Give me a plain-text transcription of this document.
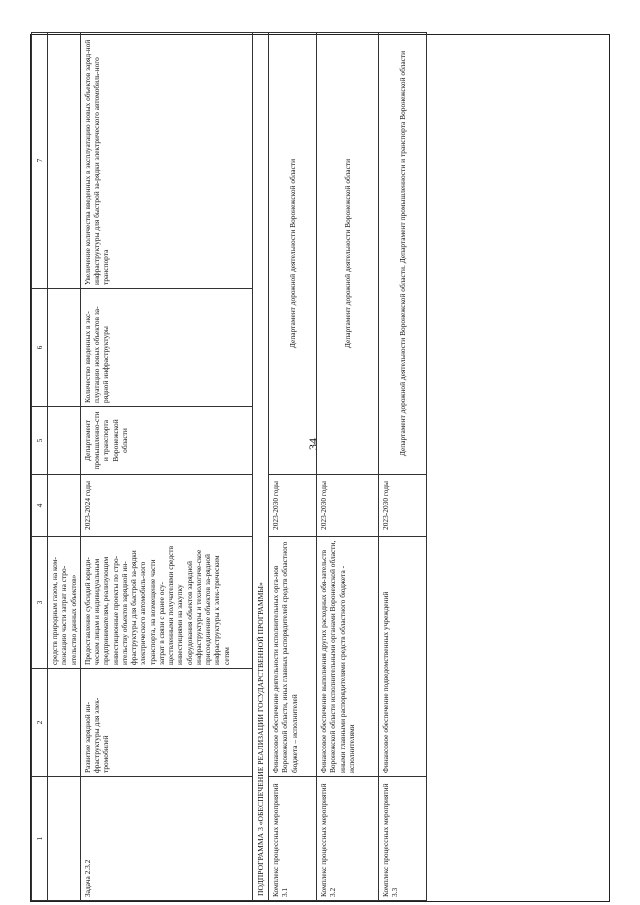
34
1	2	3	4	5	6	7
		средств природным газом, на ком-пенсацию части затрат на стро-ительство данных объектов»				
Задача 2.3.2	Развитие зарядной ин-фраструктуры для элек-тромобилей	Предоставление субсидий юриди-ческим лицам и индивидуальным предпринимателям, реализующим инвестиционные проекты по стро-ительству объектов зарядной ин-фраструктуры для быстрой за-рядки электрического автомобиль-ного транспорта, на возмещение части затрат в связи с ранее осу-ществленными получателями средств инвестициями на закупку оборудования объектов зарядной инфраструктуры и технологиче-ское присоединение объектов за-рядной инфраструктуры к элек-трическим сетям	2023-2024 годы	Департамент промышленно-сти и транспорта Воронежской области	Количество введенных в экс-плуатацию новых объектов за-рядной инфраструктуры	Увеличение количества введенных в эксплуатацию новых объектов заряд-ной инфраструктуры для быстрой за-рядки электрического автомобиль-ного транспорта
ПОДПРОГРАММА 3 «ОБЕСПЕЧЕНИЕ РЕАЛИЗАЦИИ ГОСУДАРСТВЕННОЙ ПРОГРАММЫ»						
Комплекс процессных мероприятий 3.1	Финансовое обеспечение деятельности исполнительных орга-нов Воронежской области, иных главных распорядителей средств областного бюджета – исполнителей		2023-2030 годы	Департамент дорожной деятельности Воронежской области		
Комплекс процессных мероприятий 3.2	Финансовое обеспечение выполнения других расходных обя-зательств Воронежской области исполнительными органами Воронежской области, иными главными распорядителями средств областного бюджета - исполнителями		2023-2030 годы	Департамент дорожной деятельности Воронежской области		
Комплекс процессных мероприятий 3.3	Финансовое обеспечение подведомственных учреждений		2023-2030 годы	Департамент дорожной деятельности Воронежской области. Департамент промышленности и транспорта Воронежской области		
